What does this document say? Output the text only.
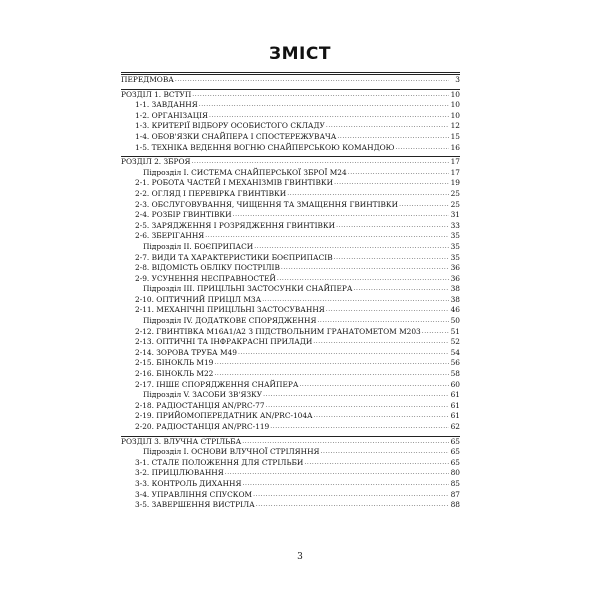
ЗМІСТ
ПЕРЕДМОВА .....	3
РОЗДІЛ 1. ВСТУП .....	10
1-1. ЗАВДАННЯ .....	10
1-2. ОРГАНІЗАЦІЯ .....	10
1-3. КРИТЕРІЇ ВІДБОРУ ОСОБИСТОГО СКЛАДУ .....	12
1-4. ОБОВ'ЯЗКИ СНАЙПЕРА І СПОСТЕРЕЖУВАЧА .....	15
1-5. ТЕХНІКА ВЕДЕННЯ ВОГНЮ СНАЙПЕРСЬКОЮ КОМАНДОЮ .....	16
РОЗДІЛ 2. ЗБРОЯ .....	17
Підрозділ І. СИСТЕМА СНАЙПЕРСЬКОЇ ЗБРОЇ М24 .....	17
2-1. РОБОТА ЧАСТЕЙ І МЕХАНІЗМІВ ГВИНТІВКИ .....	19
2-2. ОГЛЯД І ПЕРЕВІРКА ГВИНТІВКИ .....	25
2-3. ОБСЛУГОВУВАННЯ, ЧИЩЕННЯ ТА ЗМАЩЕННЯ ГВИНТІВКИ .....	25
2-4. РОЗБІР ГВИНТІВКИ .....	31
2-5. ЗАРЯДЖЕННЯ І РОЗРЯДЖЕННЯ ГВИНТІВКИ .....	33
2-6. ЗБЕРІГАННЯ .....	35
Підрозділ ІІ. БОЄПРИПАСИ .....	35
2-7. ВИДИ ТА ХАРАКТЕРИСТИКИ БОЄПРИПАСІВ .....	35
2-8. ВІДОМІСТЬ ОБЛІКУ ПОСТРІЛІВ .....	36
2-9. УСУНЕННЯ НЕСПРАВНОСТЕЙ .....	36
Підрозділ ІІІ. ПРИЦІЛЬНІ ЗАСТОСУНКИ СНАЙПЕРА .....	38
2-10. ОПТИЧНИЙ ПРИЦІЛ М3А .....	38
2-11. МЕХАНІЧНІ ПРИЦІЛЬНІ ЗАСТОСУВАННЯ .....	46
Підрозділ IV. ДОДАТКОВЕ СПОРЯДЖЕННЯ .....	50
2-12. ГВИНТІВКА M16A1/A2 З ПІДСТВОЛЬНИМ ГРАНАТОМЕТОМ M203 .....	51
2-13. ОПТИЧНІ ТА ІНФРАКРАСНІ ПРИЛАДИ .....	52
2-14. ЗОРОВА ТРУБА М49 .....	54
2-15. БІНОКЛЬ M19 .....	56
2-16. БІНОКЛЬ M22 .....	58
2-17. ІНШЕ СПОРЯДЖЕННЯ СНАЙПЕРА .....	60
Підрозділ V. ЗАСОБИ ЗВ'ЯЗКУ .....	61
2-18. РАДІОСТАНЦІЯ AN/PRC-77 .....	61
2-19. ПРИЙОМОПЕРЕДАТНИК AN/PRC-104A .....	61
2-20. РАДІОСТАНЦІЯ AN/PRC-119 .....	62
РОЗДІЛ 3. ВЛУЧНА СТРІЛЬБА .....	65
Підрозділ І. ОСНОВИ ВЛУЧНОЇ СТРІЛЯННЯ .....	65
3-1. СТАЛЕ ПОЛОЖЕННЯ ДЛЯ СТРІЛЬБИ .....	65
3-2. ПРИЦІЛЮВАННЯ .....	80
3-3. КОНТРОЛЬ ДИХАННЯ .....	85
3-4. УПРАВЛІННЯ СПУСКОМ .....	87
3-5. ЗАВЕРШЕННЯ ВИСТРІЛА .....	88
3
